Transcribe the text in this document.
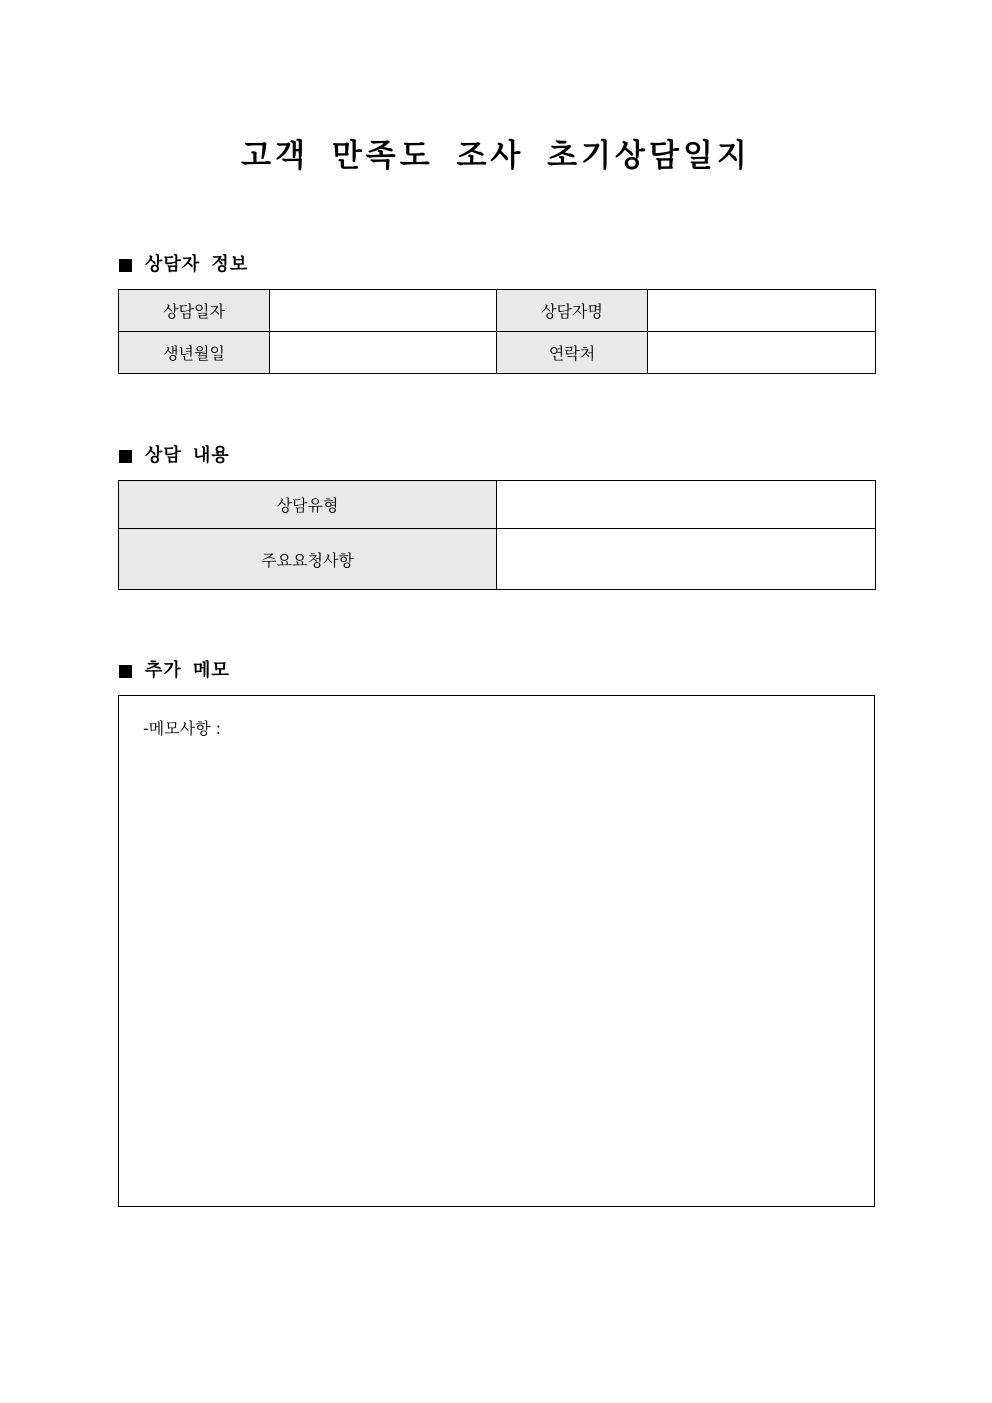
고객 만족도 조사 초기상담일지
상담자 정보
상담일자		상담자명	
생년월일		연락처	
상담 내용
상담유형	
주요요청사항	
추가 메모
-메모사항 :
